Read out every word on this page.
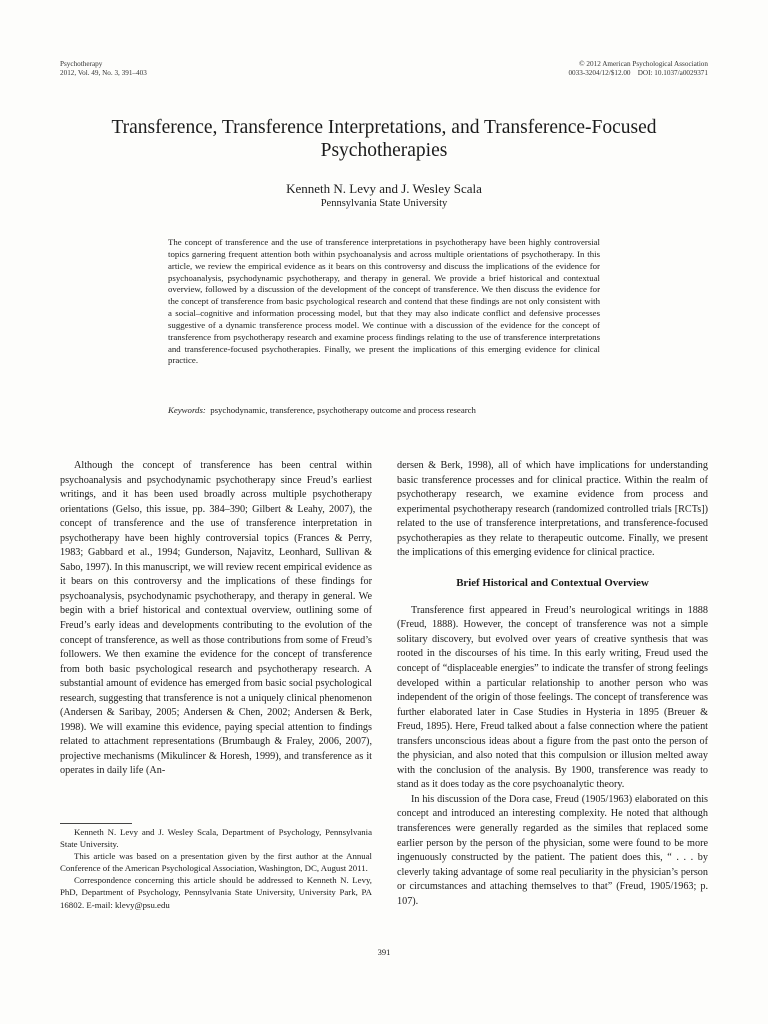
Psychotherapy
2012, Vol. 49, No. 3, 391–403
© 2012 American Psychological Association
0033-3204/12/$12.00 DOI: 10.1037/a0029371
Transference, Transference Interpretations, and Transference-Focused Psychotherapies
Kenneth N. Levy and J. Wesley Scala
Pennsylvania State University

The concept of transference and the use of transference interpretations in psychotherapy have been highly controversial topics garnering frequent attention both within psychoanalysis and across multiple orientations of psychotherapy. In this article, we review the empirical evidence as it bears on this controversy and discuss the implications of the evidence for psychoanalysis, psychodynamic psychotherapy, and therapy in general. We provide a brief historical and contextual overview, followed by a discussion of the development of the concept of transference. We then discuss the evidence for the concept of transference from basic psychological research and contend that these findings are not only consistent with a social–cognitive and information processing model, but that they may also indicate conflict and defensive processes suggestive of a dynamic transference process model. We continue with a discussion of the evidence for the concept of transference from psychotherapy research and examine process findings relating to the use of transference interpretations and transference-focused psychotherapies. Finally, we present the implications of this emerging evidence for clinical practice.

Keywords: psychodynamic, transference, psychotherapy outcome and process research

Although the concept of transference has been central within psychoanalysis and psychodynamic psychotherapy since Freud’s earliest writings, and it has been used broadly across multiple psychotherapy orientations (Gelso, this issue, pp. 384–390; Gilbert & Leahy, 2007), the concept of transference and the use of transference interpretation in psychotherapy have been highly controversial topics (Frances & Perry, 1983; Gabbard et al., 1994; Gunderson, Najavitz, Leonhard, Sullivan & Sabo, 1997). In this manuscript, we will review recent empirical evidence as it bears on this controversy and the implications of these findings for psychoanalysis, psychodynamic psychotherapy, and therapy in general. We begin with a brief historical and contextual overview, outlining some of Freud’s early ideas and developments contributing to the evolution of the concept of transference, as well as those contributions from some of Freud’s followers. We then examine the evidence for the concept of transference from both basic psychological research and psychotherapy research. A substantial amount of evidence has emerged from basic social psychological research, suggesting that transference is not a uniquely clinical phenomenon (Andersen & Saribay, 2005; Andersen & Chen, 2002; Andersen & Berk, 1998). We will examine this evidence, paying special attention to findings related to attachment representations (Brumbaugh & Fraley, 2006, 2007), projective mechanisms (Mikulincer & Horesh, 1999), and transference as it operates in daily life (An-

dersen & Berk, 1998), all of which have implications for understanding basic transference processes and for clinical practice. Within the realm of psychotherapy research, we examine evidence from process and experimental psychotherapy research (randomized controlled trials [RCTs]) related to the use of transference interpretations, and transference-focused psychotherapies as they relate to therapeutic outcome. Finally, we present the implications of this emerging evidence for clinical practice.

Brief Historical and Contextual Overview

Transference first appeared in Freud’s neurological writings in 1888 (Freud, 1888). However, the concept of transference was not a simple solitary discovery, but evolved over years of creative synthesis that was rooted in the discourses of his time. In this early writing, Freud used the concept of “displaceable energies” to indicate the transfer of strong feelings developed within a particular relationship to another person who was independent of the origin of those feelings. The concept of transference was further elaborated later in Case Studies in Hysteria in 1895 (Breuer & Freud, 1895). Here, Freud talked about a false connection where the patient transfers unconscious ideas about a figure from the past onto the person of the physician, and also noted that this compulsion or illusion melted away with the conclusion of the analysis. By 1900, transference was ready to stand as it does today as the core psychoanalytic theory.

In his discussion of the Dora case, Freud (1905/1963) elaborated on this concept and introduced an interesting complexity. He noted that although transferences were generally regarded as the similes that replaced some earlier person by the person of the physician, some were found to be more ingenuously constructed by the patient. The patient does this, “ . . . by cleverly taking advantage of some real peculiarity in the physician’s person or circumstances and attaching themselves to that” (Freud, 1905/1963; p. 107).

Kenneth N. Levy and J. Wesley Scala, Department of Psychology, Pennsylvania State University.

This article was based on a presentation given by the first author at the Annual Conference of the American Psychological Association, Washington, DC, August 2011.

Correspondence concerning this article should be addressed to Kenneth N. Levy, PhD, Department of Psychology, Pennsylvania State University, University Park, PA 16802. E-mail: klevy@psu.edu

391
